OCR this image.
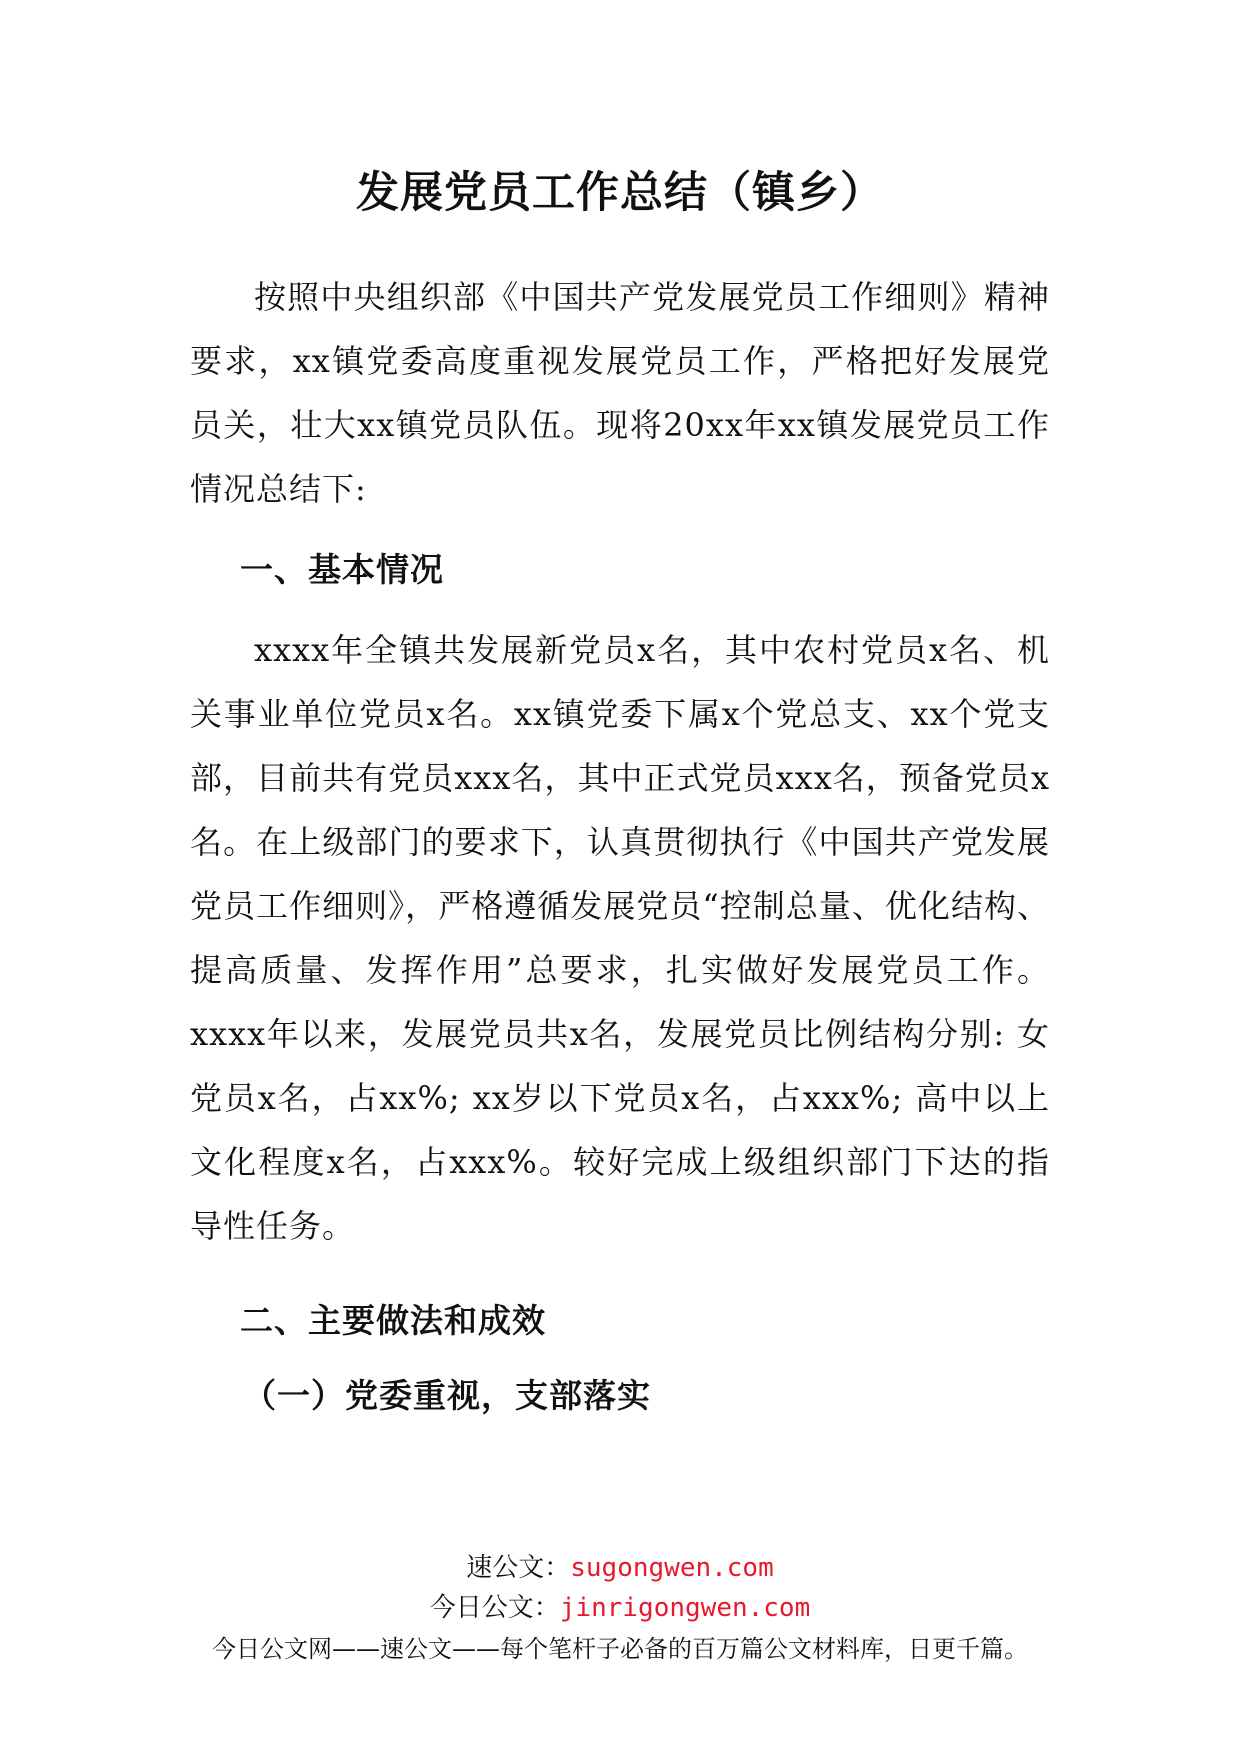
发展党员工作总结（镇乡）

按照中央组织部《中国共产党发展党员工作细则》精神要求，xx镇党委高度重视发展党员工作，严格把好发展党员关，壮大xx镇党员队伍。现将20xx年xx镇发展党员工作情况总结下:

一、基本情况

xxxx年全镇共发展新党员x名，其中农村党员x名、机关事业单位党员x名。xx镇党委下属x个党总支、xx个党支部，目前共有党员xxx名，其中正式党员xxx名，预备党员x名。在上级部门的要求下，认真贯彻执行《中国共产党发展党员工作细则》，严格遵循发展党员“控制总量、优化结构、提高质量、发挥作用”总要求，扎实做好发展党员工作。xxxx年以来，发展党员共x名，发展党员比例结构分别: 女党员x名，占xx%; xx岁以下党员x名，占xxx%; 高中以上文化程度x名，占xxx%。较好完成上级组织部门下达的指导性任务。

二、主要做法和成效
（一）党委重视，支部落实
速公文：sugongwen.com
今日公文：jinrigongwen.com
今日公文网——速公文——每个笔杆子必备的百万篇公文材料库，日更千篇。
